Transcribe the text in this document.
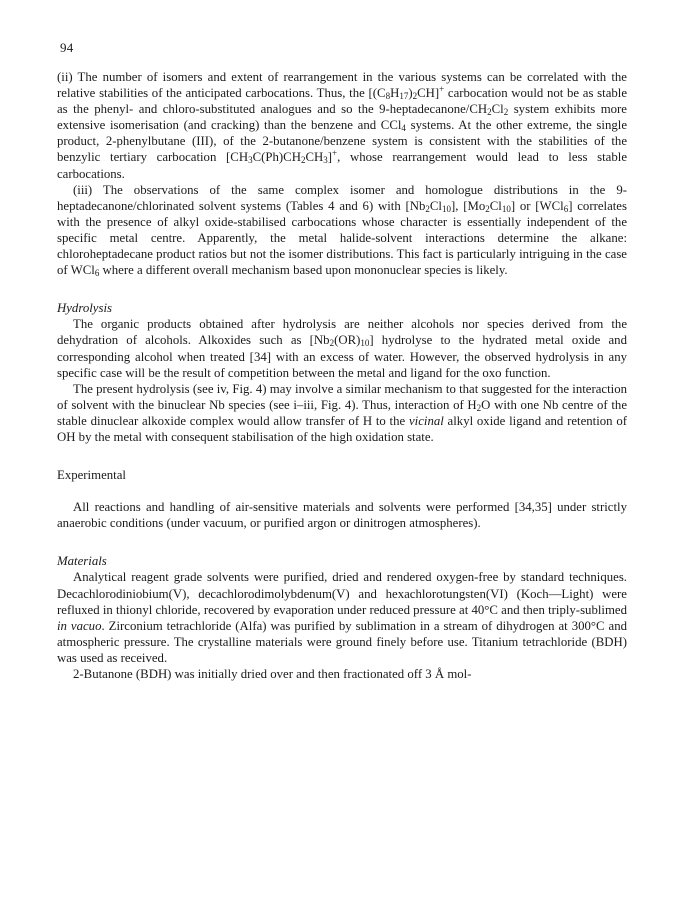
94

(ii) The number of isomers and extent of rearrangement in the various systems can be correlated with the relative stabilities of the anticipated carbocations. Thus, the $[(C_8H_{17})_2CH]^+$ carbocation would not be as stable as the phenyl- and chloro-substituted analogues and so the $9-heptadecanone/CH_2Cl_2$ system exhibits more extensive isomerisation (and cracking) than the benzene and CCl$_4$ systems. At the other extreme, the single product, 2-phenylbutane (III), of the 2-butanone/benzene system is consistent with the stabilities of the benzylic tertiary carbocation $[CH_3C(Ph)CH_2CH_3]^+$, whose rearrangement would lead to less stable carbocations.

(iii) The observations of the same complex isomer and homologue distributions in the 9-heptadecanone/chlorinated solvent systems (Tables 4 and 6) with $[Nb_2Cl_{10}]$, $[Mo_2Cl_{10}]$ or [WCl$_6$] correlates with the presence of alkyl oxide-stabilised carbocations whose character is essentially independent of the specific metal centre. Apparently, the metal halide-solvent interactions determine the alkane: chloroheptadecane product ratios but not the isomer distributions. This fact is particularly intriguing in the case of WCl$_6$ where a different overall mechanism based upon mononuclear species is likely.

Hydrolysis

The organic products obtained after hydrolysis are neither alcohols nor species derived from the dehydration of alcohols. Alkoxides such as $[Nb_2(OR)_{10}]$ hydrolyse to the hydrated metal oxide and corresponding alcohol when treated [34] with an excess of water. However, the observed hydrolysis in any specific case will be the result of competition between the metal and ligand for the oxo function.

The present hydrolysis (see iv, Fig. 4) may involve a similar mechanism to that suggested for the interaction of solvent with the binuclear Nb species (see i–iii, Fig. 4). Thus, interaction of $H_2O$ with one Nb centre of the stable dinuclear alkoxide complex would allow transfer of H to the vicinal alkyl oxide ligand and retention of OH by the metal with consequent stabilisation of the high oxidation state.

Experimental

All reactions and handling of air-sensitive materials and solvents were performed [34,35] under strictly anaerobic conditions (under vacuum, or purified argon or dinitrogen atmospheres).

Materials

Analytical reagent grade solvents were purified, dried and rendered oxygen-free by standard techniques. Decachlorodiniobium(V), decachlorodimolybdenum(V) and hexachlorotungsten(VI) (Koch—Light) were refluxed in thionyl chloride, recovered by evaporation under reduced pressure at 40°C and then triply-sublimed in vacuo. Zirconium tetrachloride (Alfa) was purified by sublimation in a stream of dihydrogen at 300°C and atmospheric pressure. The crystalline materials were ground finely before use. Titanium tetrachloride (BDH) was used as received.

2-Butanone (BDH) was initially dried over and then fractionated off 3 Å mol-
